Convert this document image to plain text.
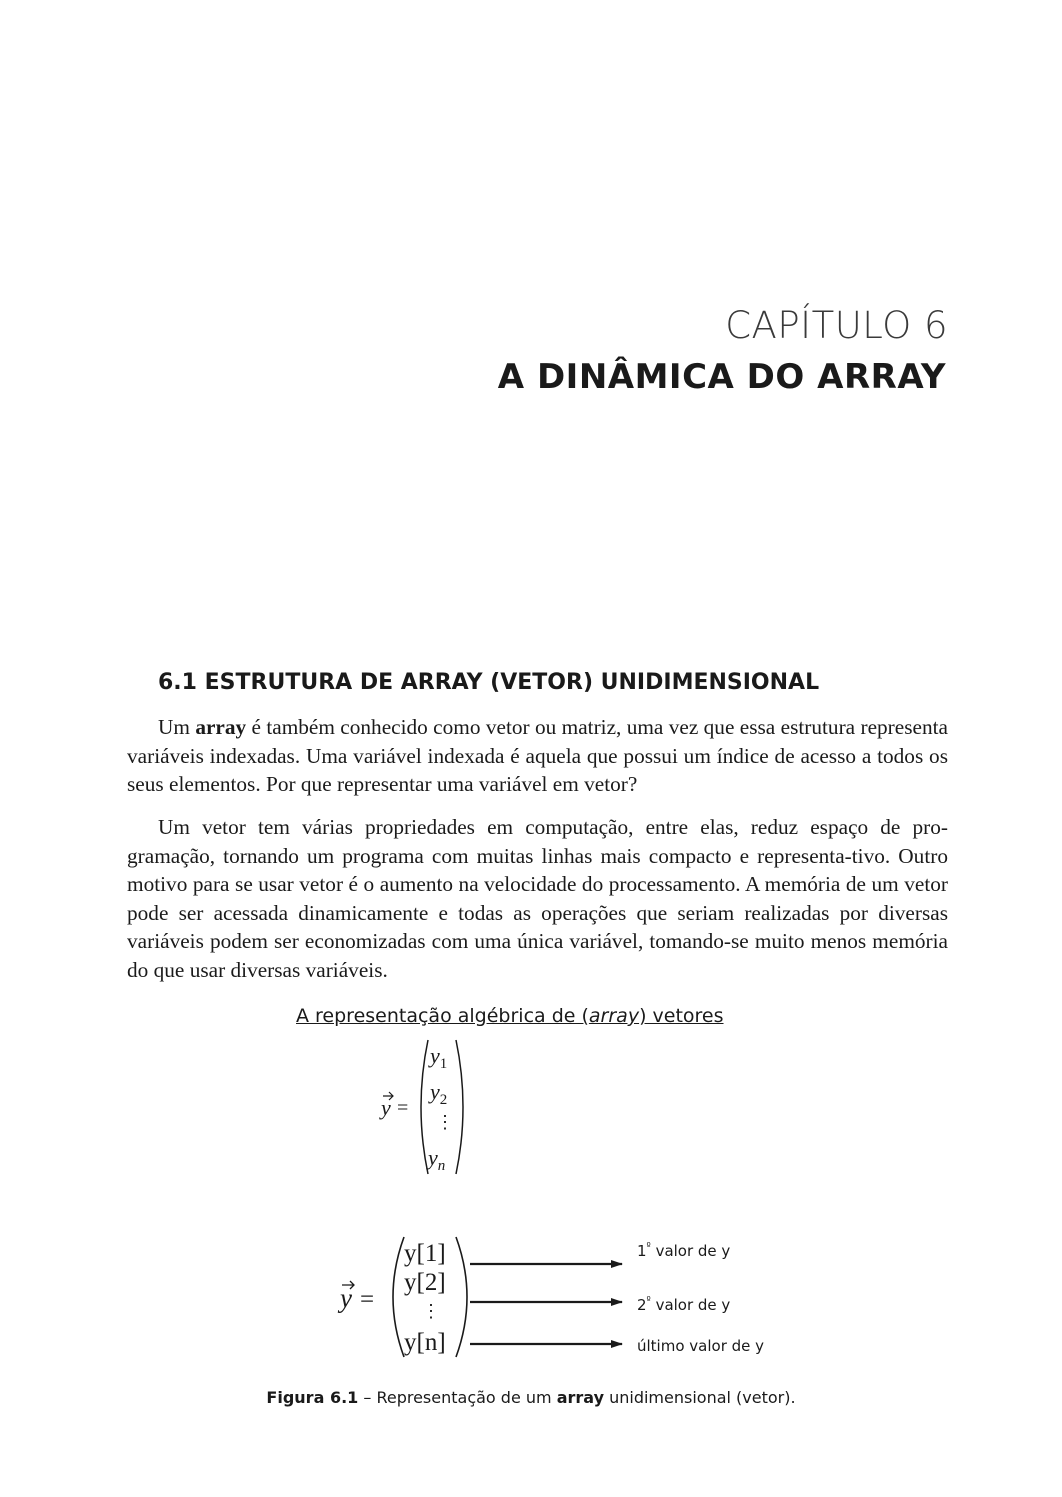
CAPÍTULO 6
A DINÂMICA DO ARRAY
6.1 ESTRUTURA DE ARRAY (VETOR) UNIDIMENSIONAL

Um array é também conhecido como vetor ou matriz, uma vez que essa estrutura representa variáveis indexadas. Uma variável indexada é aquela que possui um índice de acesso a todos os seus elementos. Por que representar uma variável em vetor?

Um vetor tem várias propriedades em computação, entre elas, reduz espaço de pro-gramação, tornando um programa com muitas linhas mais compacto e representa-tivo. Outro motivo para se usar vetor é o aumento na velocidade do processamento. A memória de um vetor pode ser acessada dinamicamente e todas as operações que seriam realizadas por diversas variáveis podem ser economizadas com uma única variável, tomando-se muito menos memória do que usar diversas variáveis.

A representação algébrica de (array) vetores
y =
$y_1$
$y_2$
⋮
$y_n$
y =
y[1]
y[2]
⋮
y[n]
$1^º$ valor de y
$2^º$ valor de y
último valor de y
Figura 6.1 – Representação de um array unidimensional (vetor).
